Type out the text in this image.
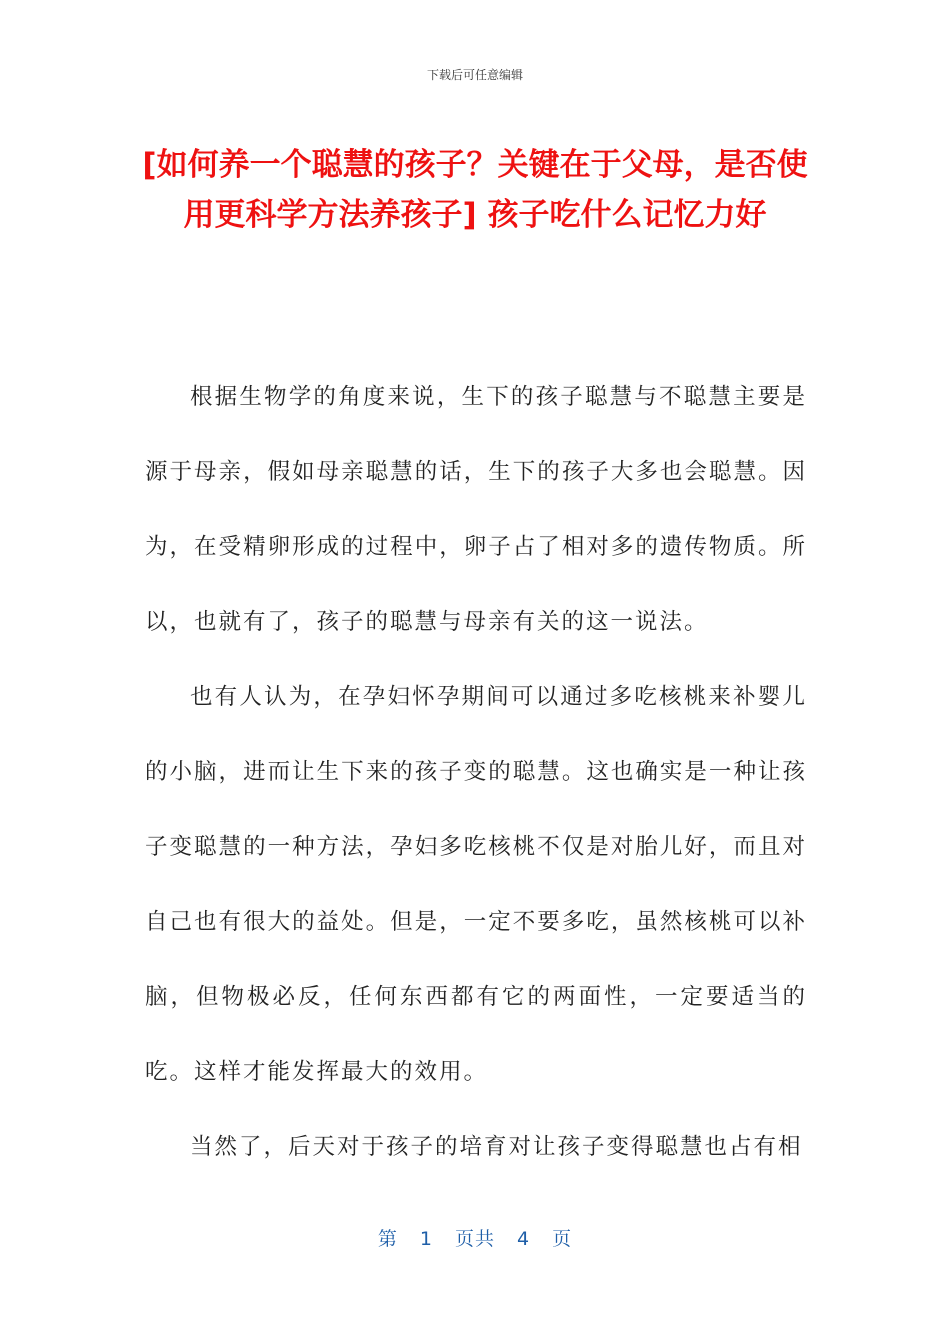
下载后可任意编辑
[如何养一个聪慧的孩子？关键在于父母，是否使用更科学方法养孩子] 孩子吃什么记忆力好

根据生物学的角度来说，生下的孩子聪慧与不聪慧主要是源于母亲，假如母亲聪慧的话，生下的孩子大多也会聪慧。因为，在受精卵形成的过程中，卵子占了相对多的遗传物质。所以，也就有了，孩子的聪慧与母亲有关的这一说法。

也有人认为，在孕妇怀孕期间可以通过多吃核桃来补婴儿的小脑，进而让生下来的孩子变的聪慧。这也确实是一种让孩子变聪慧的一种方法，孕妇多吃核桃不仅是对胎儿好，而且对自己也有很大的益处。但是，一定不要多吃，虽然核桃可以补脑，但物极必反，任何东西都有它的两面性，一定要适当的吃。这样才能发挥最大的效用。

当然了，后天对于孩子的培育对让孩子变得聪慧也占有相

第 1 页共 4 页
